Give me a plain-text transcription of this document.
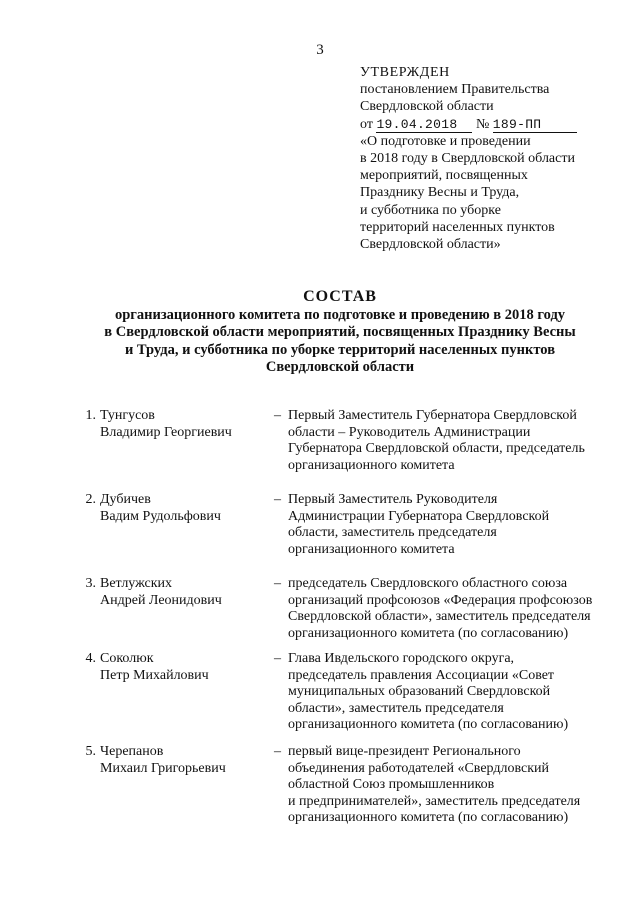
3
УТВЕРЖДЕН
постановлением Правительства
Свердловской области
от 19.04.2018 № 189-ПП
«О подготовке и проведении
в 2018 году в Свердловской области
мероприятий, посвященных
Празднику Весны и Труда,
и субботника по уборке
территорий населенных пунктов
Свердловской области»
СОСТАВ
организационного комитета по подготовке и проведению в 2018 году
в Свердловской области мероприятий, посвященных Празднику Весны
и Труда, и субботника по уборке территорий населенных пунктов
Свердловской области
1. Тунгусов
Владимир Георгиевич
– Первый Заместитель Губернатора Свердловской
области – Руководитель Администрации
Губернатора Свердловской области, председатель
организационного комитета
2. Дубичев
Вадим Рудольфович
– Первый Заместитель Руководителя
Администрации Губернатора Свердловской
области, заместитель председателя
организационного комитета
3. Ветлужских
Андрей Леонидович
– председатель Свердловского областного союза
организаций профсоюзов «Федерация профсоюзов
Свердловской области», заместитель председателя
организационного комитета (по согласованию)
4. Соколюк
Петр Михайлович
– Глава Ивдельского городского округа,
председатель правления Ассоциации «Совет
муниципальных образований Свердловской
области», заместитель председателя
организационного комитета (по согласованию)
5. Черепанов
Михаил Григорьевич
– первый вице-президент Регионального
объединения работодателей «Свердловский
областной Союз промышленников
и предпринимателей», заместитель председателя
организационного комитета (по согласованию)
